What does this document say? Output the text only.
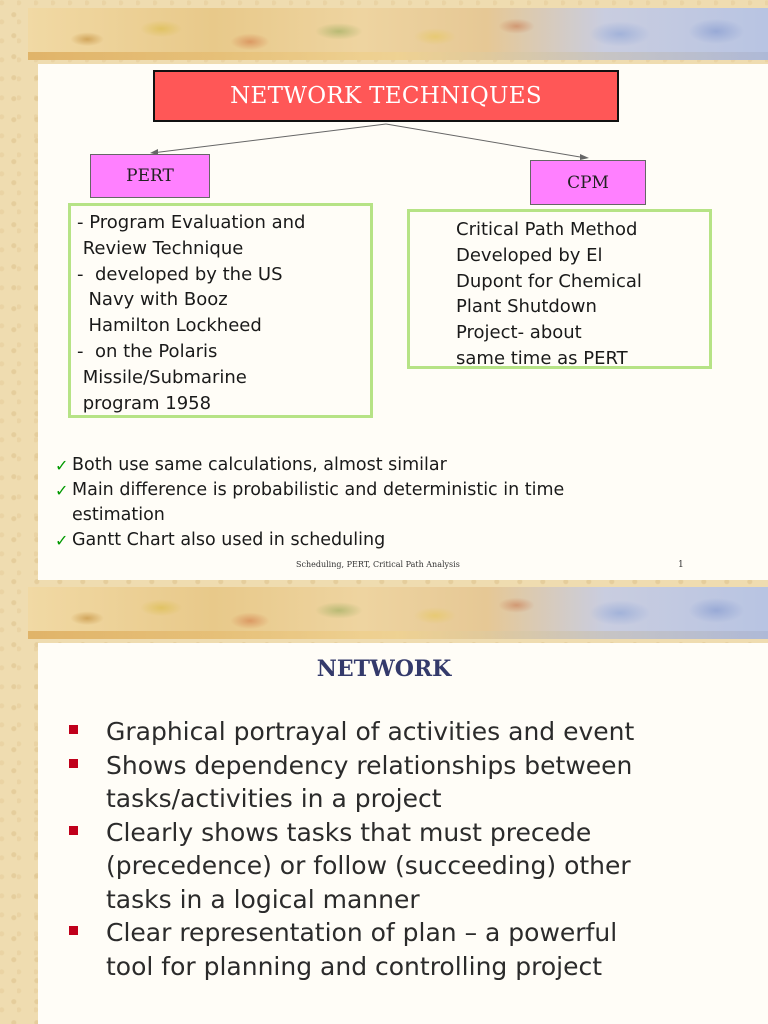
NETWORK TECHNIQUES
PERT	CPM
- Program Evaluation and
Review Technique
-  developed by the US
Navy with Booz
Hamilton Lockheed
-  on the Polaris
Missile/Submarine
program 1958
Critical Path Method
Developed by El
Dupont for Chemical
Plant Shutdown
Project- about
same time as PERT
✓ Both use same calculations, almost similar
✓ Main difference is probabilistic and deterministic in time
estimation
✓ Gantt Chart also used in scheduling
Scheduling, PERT, Critical Path Analysis	1
NETWORK
Graphical portrayal of activities and event
Shows dependency relationships between
tasks/activities in a project
Clearly shows tasks that must precede
(precedence) or follow (succeeding) other
tasks in a logical manner
Clear representation of plan – a powerful
tool for planning and controlling project
